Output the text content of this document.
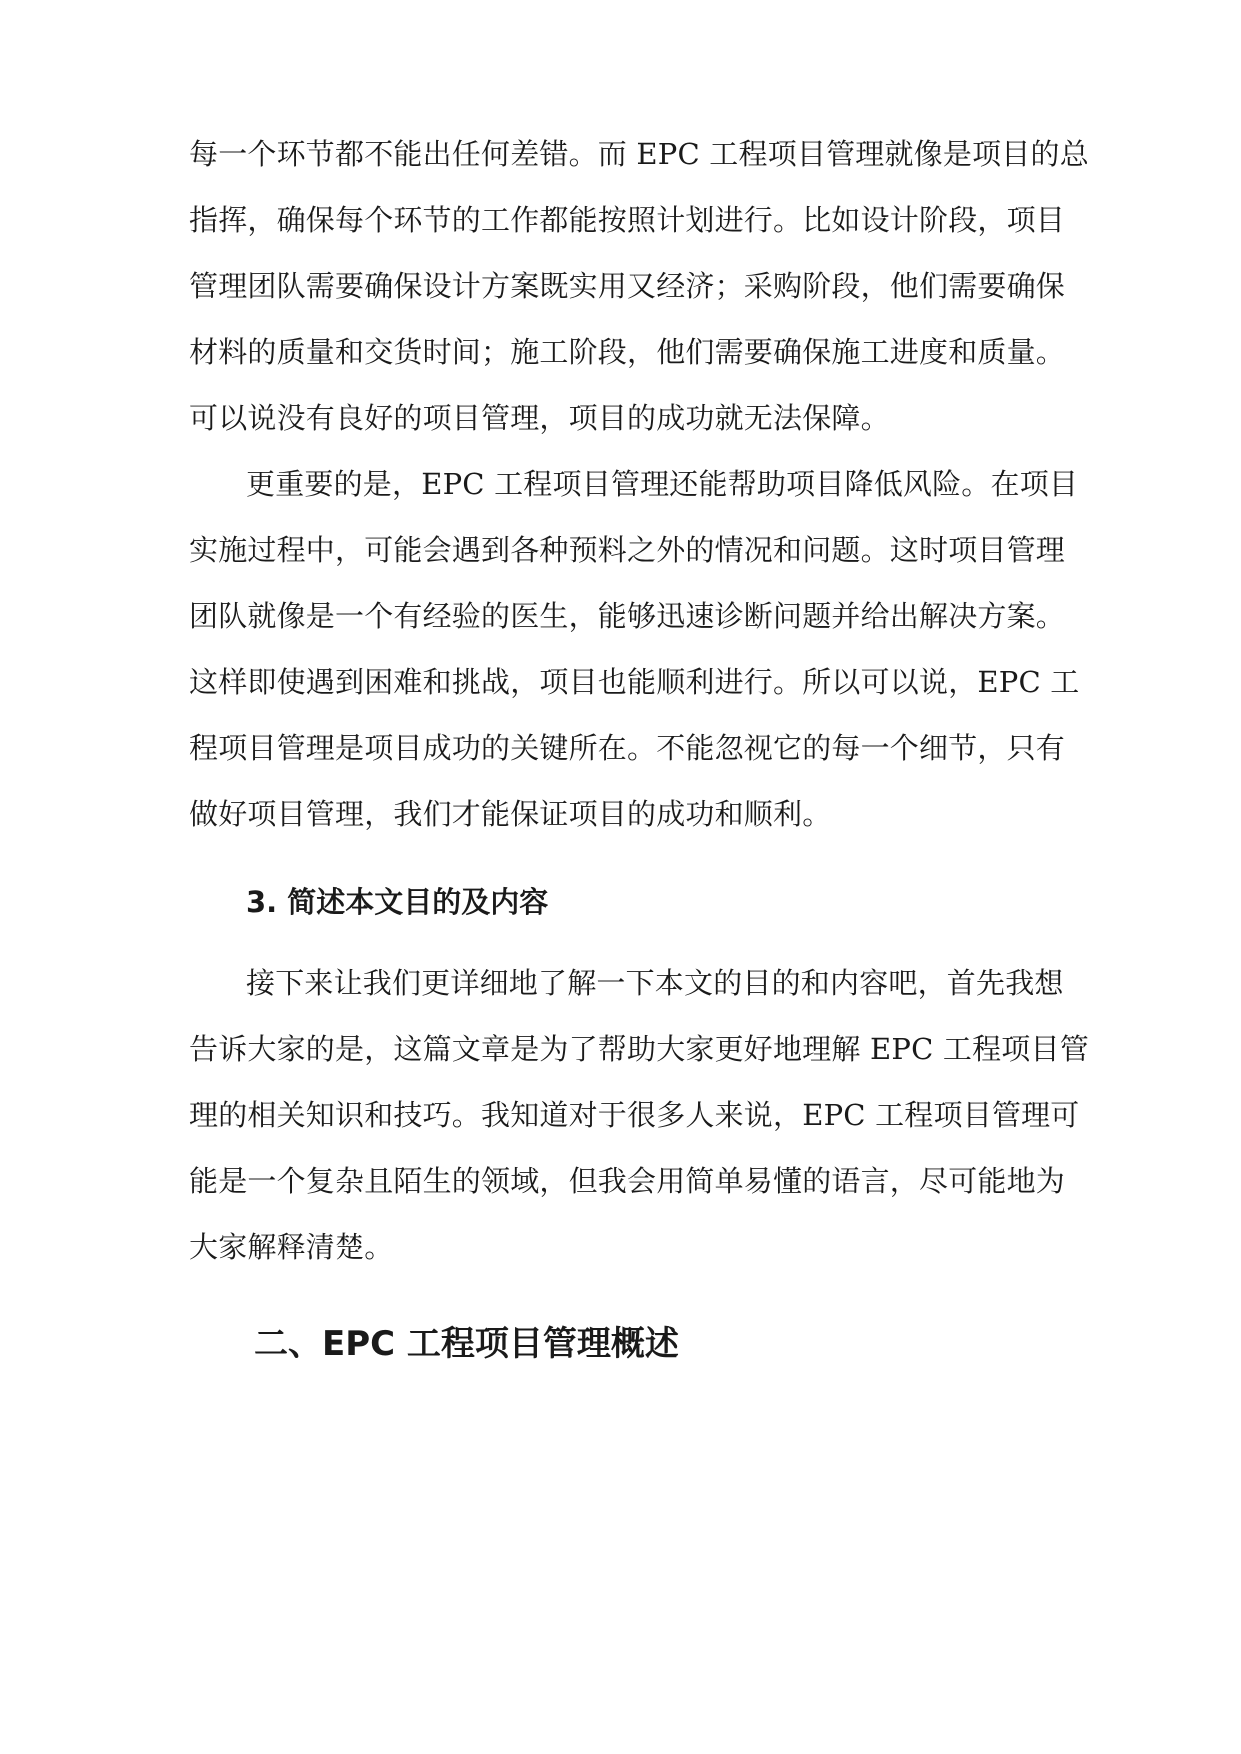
每一个环节都不能出任何差错。而 EPC 工程项目管理就像是项目的总
指挥，确保每个环节的工作都能按照计划进行。比如设计阶段，项目
管理团队需要确保设计方案既实用又经济；采购阶段，他们需要确保
材料的质量和交货时间；施工阶段，他们需要确保施工进度和质量。
可以说没有良好的项目管理，项目的成功就无法保障。
更重要的是，EPC 工程项目管理还能帮助项目降低风险。在项目
实施过程中，可能会遇到各种预料之外的情况和问题。这时项目管理
团队就像是一个有经验的医生，能够迅速诊断问题并给出解决方案。
这样即使遇到困难和挑战，项目也能顺利进行。所以可以说，EPC 工
程项目管理是项目成功的关键所在。不能忽视它的每一个细节，只有
做好项目管理，我们才能保证项目的成功和顺利。
3. 简述本文目的及内容
接下来让我们更详细地了解一下本文的目的和内容吧，首先我想
告诉大家的是，这篇文章是为了帮助大家更好地理解 EPC 工程项目管
理的相关知识和技巧。我知道对于很多人来说，EPC 工程项目管理可
能是一个复杂且陌生的领域，但我会用简单易懂的语言，尽可能地为
大家解释清楚。
二、EPC 工程项目管理概述
